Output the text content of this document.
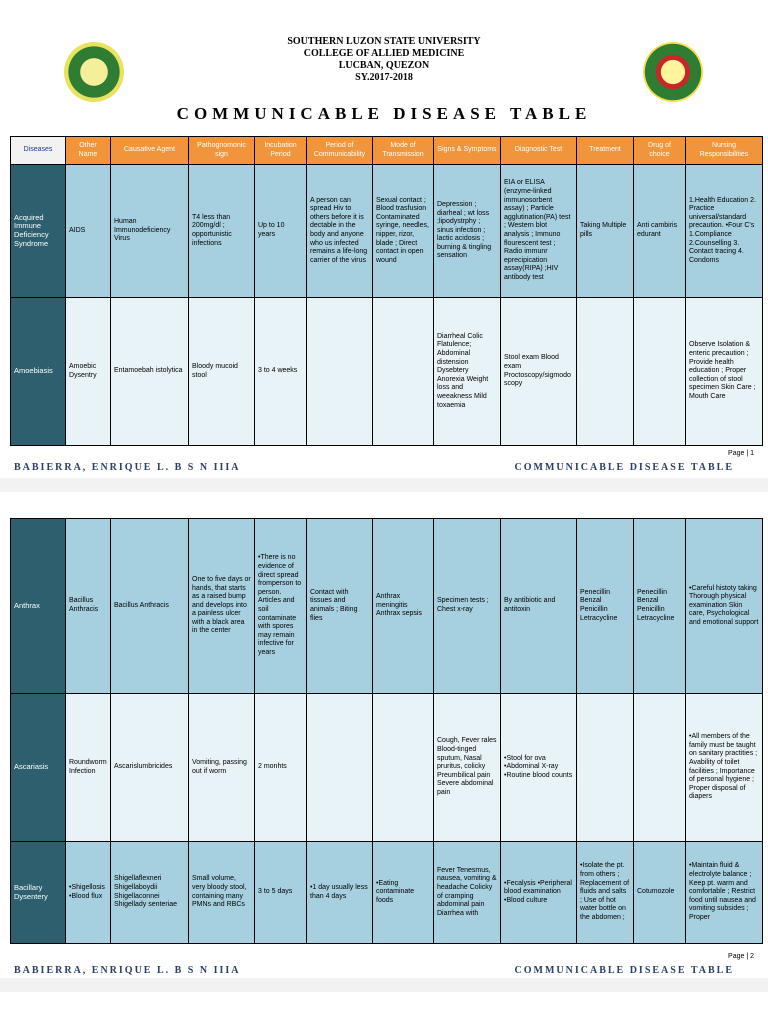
SOUTHERN LUZON STATE UNIVERSITY
COLLEGE OF ALLIED MEDICINE
LUCBAN, QUEZON
SY.2017-2018
COMMUNICABLE DISEASE TABLE
Diseases	Other Name	Causative Agent	Pathognomonic sign	Incubation Period	Period of Communicability	Mode of Transmission	Signs & Symptoms	Diagnostic Test	Treatment	Drug of choice	Nursing Responsibilities
Acquired Immune Deficiency Syndrome	AIDS	Human Immunodeficiency Virus	T4 less than 200mg/dl ; opportunistic infections	Up to 10 years	A person can spread Hiv to others before it is dectable in the body and anyone who us infected remains a life-long carrier of the virus	Sexual contact ; Blood trasfusion Contaminated syringe, needles, nipper, rizor, blade ; Direct contact in open wound	Depression ; diarheal ; wt loss ;lipodystrphy ; sinus infection ; lactic acidosis ; burning & tingling sensation	EIA or ELISA (enzyme-linked immunosorbent assay) ; Particle agglutination(PA) test ; Western blot analysis ; Immuno flourescent test ; Radio immunr eprecipication assay(RIPA) ;HIV antibody test	Taking Multiple pills	Anti cambiris edurant	1.Health Education 2. Practice universal/standard precaution. •Four C's 1.Compliance 2.Counselling 3. Contact tracing 4. Condoms
Amoebiasis	Amoebic Dysentry	Entamoebah istolytica	Bloody mucoid stool	3 to 4 weeks			Diarrheal Colic Flatulence; Abdominal distension Dysebtery Anorexia Weight loss and weeakness Mild toxaemia	Stool exam Blood exam Proctoscopy/sigmodoscopy			Observe Isolation & enteric precaution ; Provide health education ; Proper collection of stool specimen Skin Care ; Mouth Care
Page | 1
BABIERRA, ENRIQUE L. B S N IIIA	COMMUNICABLE DISEASE TABLE
Anthrax	Bacillus Anthracis	Bacillus Anthracis	One to five days or hands, that starts as a raised bump and develops into a painless ulcer with a black area in the center	•There is no evidence of direct spread fromperson to person. Articles and soil contaminate with spores may remain infective for years	Contact with tissues and animals ; Biting flies	Anthrax meningitis Anthrax sepsis	Specimen tests ; Chest x-ray	By antibiotic and antitoxin	Penecillin Benzal Penicillin Letracycline	Penecillin Benzal Penicillin Letracycline	•Careful histoty taking Thorough physical examination Skin care, Psychological and emotional support
Ascariasis	Roundworm Infection	Ascarislumbricides	Vomiting, passing out if worm	2 monhts			Cough, Fever rales Blood-tinged sputum, Nasal pruritus, colicky Preumbilical pain Severe abdominal pain	•Stool for ova •Abdominal X-ray •Routine blood counts			•All members of the family must be taught on sanitary practities ; Avability of toilet facilities ; Importance of personal hygiene ; Proper disposal of diapers
Bacillary Dysentery	•Shigellosis •Blood flux	Shigellaflexneri Shigellaboydii Shigellaconnei Shigellady senteriae	Small volume, very bloody stool, containing many PMNs and RBCs	3 to 5 days	•1 day usually less than 4 days	•Eating contaminate foods	Fever Tenesmus, nausea, vomiting & headache Colicky of cramping abdominal pain Diarrhea with	•Fecalysis •Peripheral blood examination •Blood culture	•Isolate the pt. from others ; Replacement of fluids and salts ; Use of hot water bottle on the abdomen ;	Cotumozole	•Maintain fluid & electrolyte balance ; Keep pt. warm and comfortable ; Restrict food until nausea and vomiting subsides ; Proper
Page | 2
BABIERRA, ENRIQUE L. B S N IIIA	COMMUNICABLE DISEASE TABLE
